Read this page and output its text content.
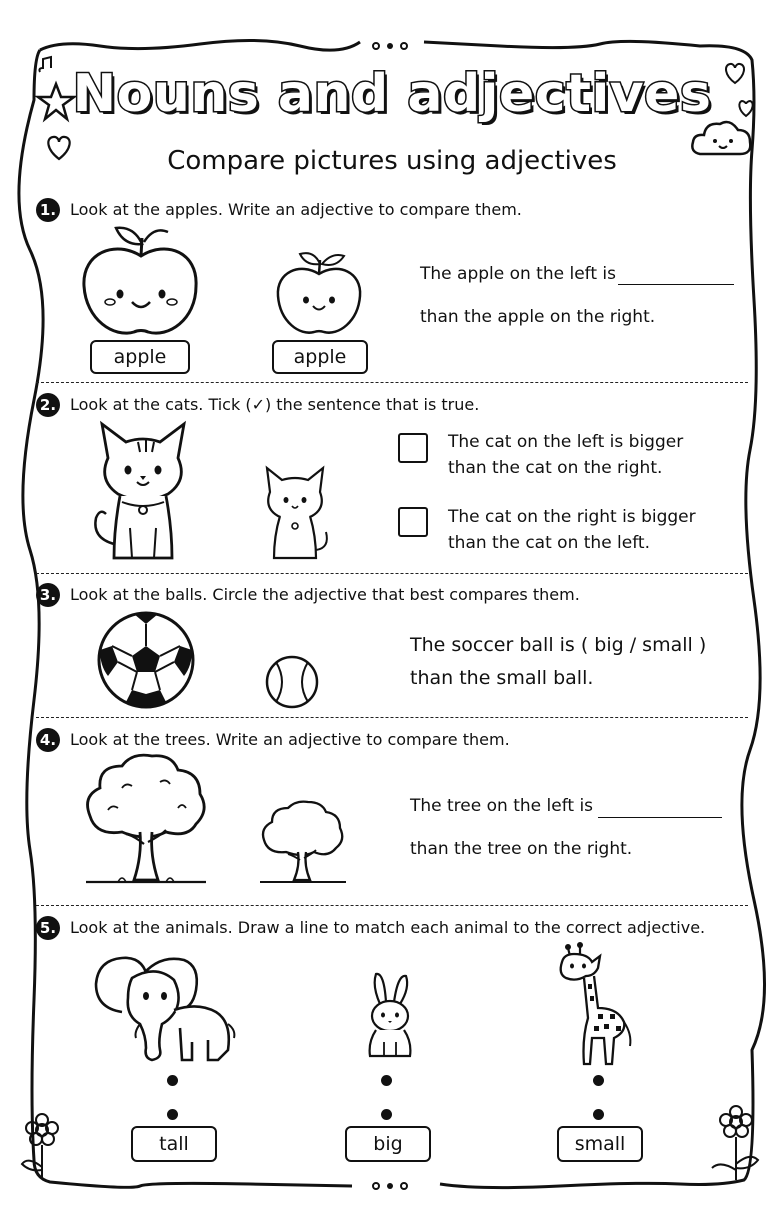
Nouns and adjectives
Compare pictures using adjectives
1. Look at the apples. Write an adjective to compare them.
apple	apple
The apple on the left is
than the apple on the right.
2. Look at the cats. Tick (✓) the sentence that is true.
The cat on the left is bigger
than the cat on the right.
The cat on the right is bigger
than the cat on the left.
3. Look at the balls. Circle the adjective that best compares them.
The soccer ball is ( big / small )
than the small ball.
4. Look at the trees. Write an adjective to compare them.
The tree on the left is
than the tree on the right.
5. Look at the animals. Draw a line to match each animal to the correct adjective.
tall	big	small
